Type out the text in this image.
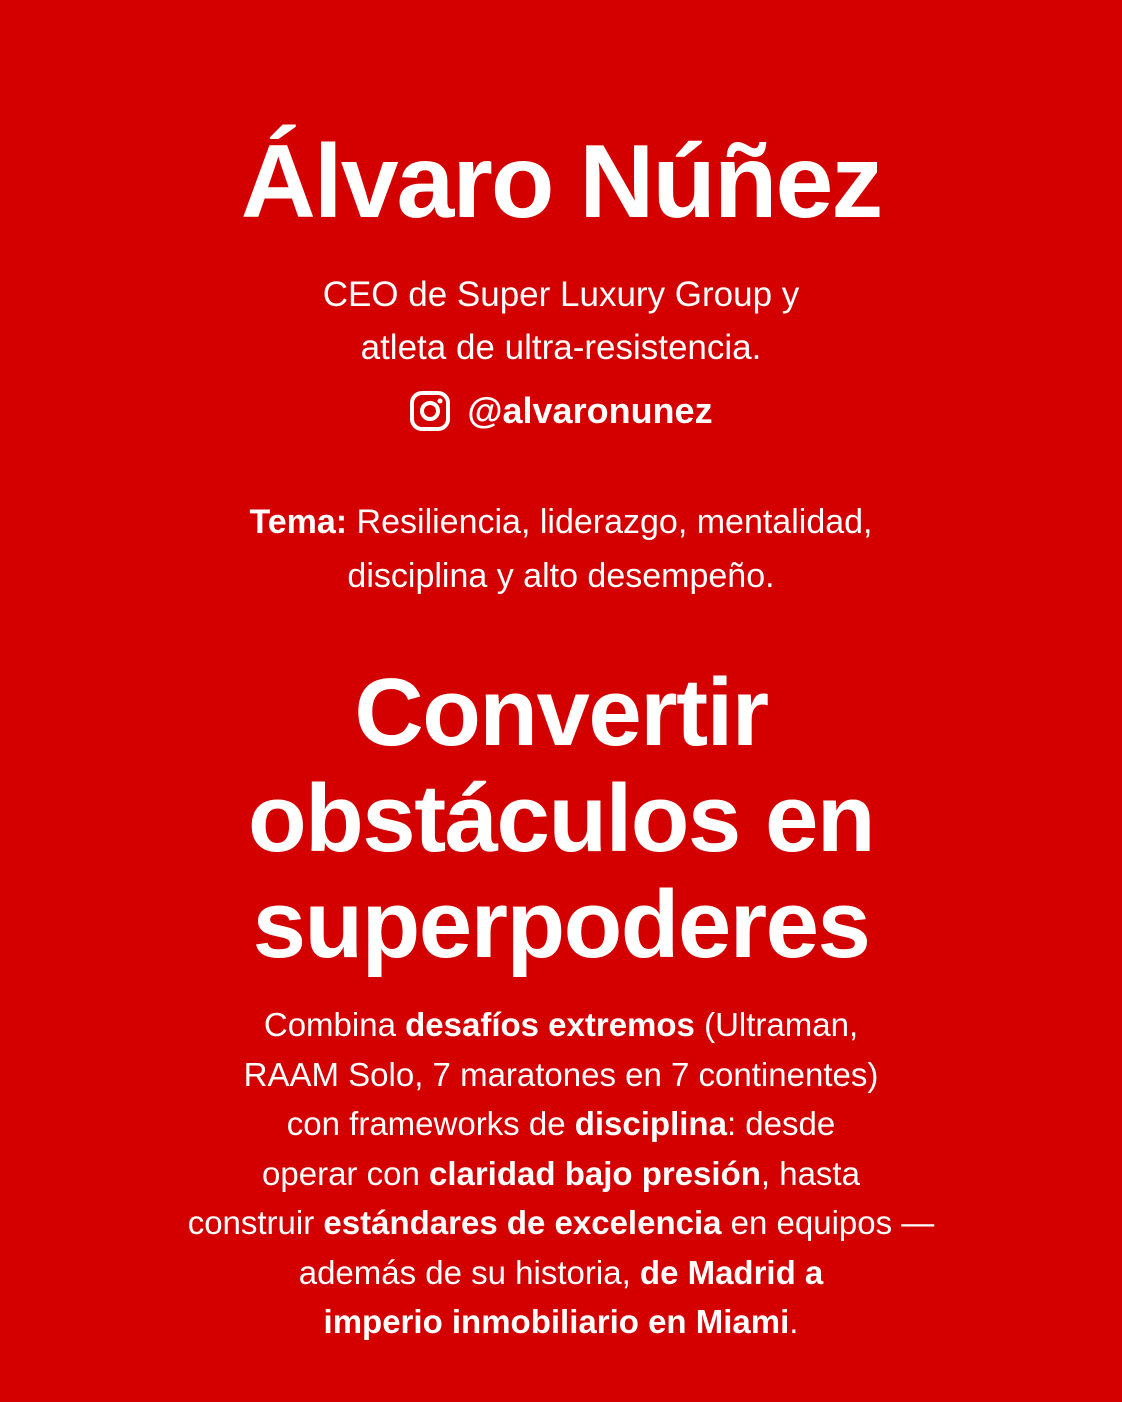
Álvaro Núñez
CEO de Super Luxury Group y
atleta de ultra-resistencia.
@alvaronunez
Tema: Resiliencia, liderazgo, mentalidad,
disciplina y alto desempeño.
Convertir
obstáculos en
superpoderes
Combina desafíos extremos (Ultraman,
RAAM Solo, 7 maratones en 7 continentes)
con frameworks de disciplina: desde
operar con claridad bajo presión, hasta
construir estándares de excelencia en equipos —
además de su historia, de Madrid a
imperio inmobiliario en Miami.
